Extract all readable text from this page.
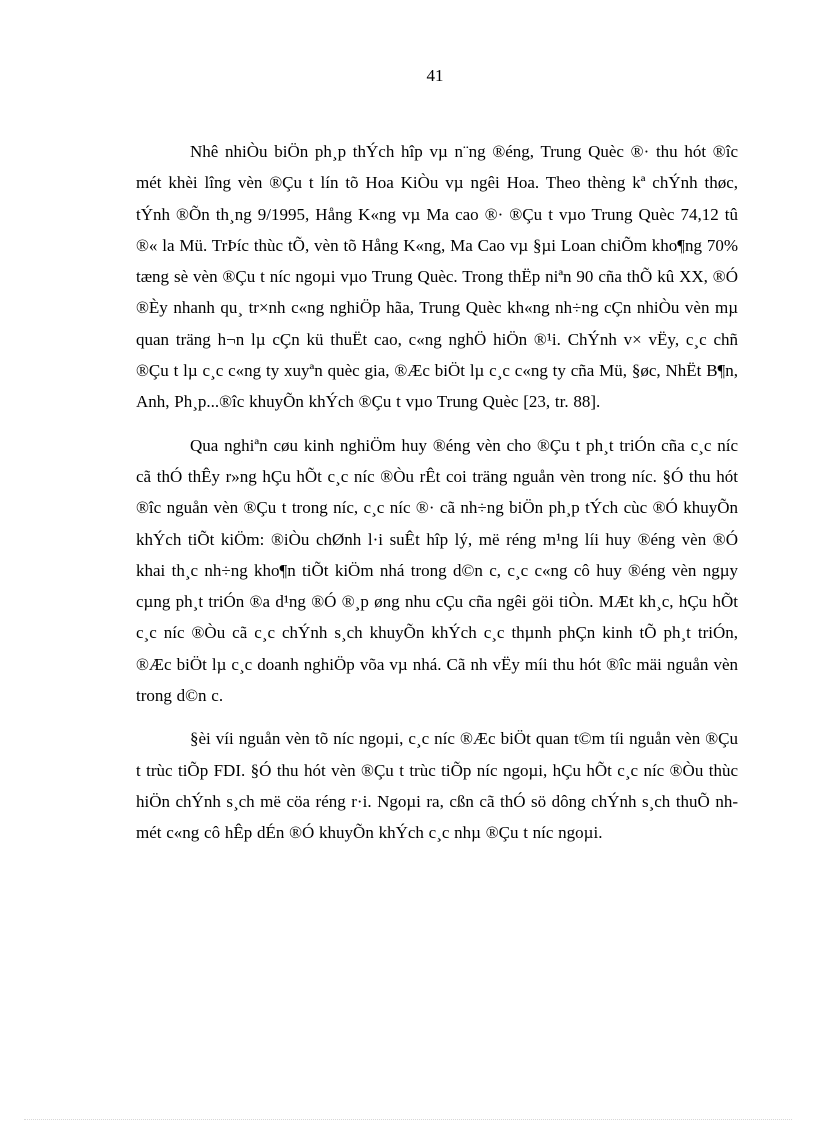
41

Nhê nhiÒu biÖn ph¸p thÝch hîp vµ n¨ng ®éng, Trung Quèc ®· thu hót ®îc mét khèi lîng vèn ®Çu t lín tõ Hoa KiÒu vµ ngêi Hoa. Theo thèng kª chÝnh thøc, tÝnh ®Õn th¸ng 9/1995, Hång K«ng vµ Ma cao ®· ®Çu t vµo Trung Quèc 74,12 tû ®« la Mü. TrÞíc thùc tÕ, vèn tõ Hång K«ng, Ma Cao vµ §µi Loan chiÕm kho¶ng 70% tæng sè vèn ®Çu t níc ngoµi vµo Trung Quèc. Trong thËp niªn 90 cña thÕ kû XX, ®Ó ®Èy nhanh qu¸ tr×nh c«ng nghiÖp hãa, Trung Quèc kh«ng nh÷ng cÇn nhiÒu vèn mµ quan träng h¬n lµ cÇn kü thuËt cao, c«ng nghÖ hiÖn ®¹i. ChÝnh v× vËy, c¸c chñ ®Çu t lµ c¸c c«ng ty xuyªn quèc gia, ®Æc biÖt lµ c¸c c«ng ty cña Mü, §øc, NhËt B¶n, Anh, Ph¸p...®îc khuyÕn khÝch ®Çu t vµo Trung Quèc [23, tr. 88].

Qua nghiªn cøu kinh nghiÖm huy ®éng vèn cho ®Çu t ph¸t triÓn cña c¸c níc cã thÓ thÊy r»ng hÇu hÕt c¸c níc ®Òu rÊt coi träng nguån vèn trong níc. §Ó thu hót ®îc nguån vèn ®Çu t trong níc, c¸c níc ®· cã nh÷ng biÖn ph¸p tÝch cùc ®Ó khuyÕn khÝch tiÕt kiÖm: ®iÒu chØnh l·i suÊt hîp lý, më réng m¹ng líi huy ®éng vèn ®Ó khai th¸c nh÷ng kho¶n tiÕt kiÖm nhá trong d©n c, c¸c c«ng cô huy ®éng vèn ngµy cµng ph¸t triÓn ®a d¹ng ®Ó ®¸p øng nhu cÇu cña ngêi göi tiÒn. MÆt kh¸c, hÇu hÕt c¸c níc ®Òu cã c¸c chÝnh s¸ch khuyÕn khÝch c¸c thµnh phÇn kinh tÕ ph¸t triÓn, ®Æc biÖt lµ c¸c doanh nghiÖp võa vµ nhá. Cã nh vËy míi thu hót ®îc mäi nguån vèn trong d©n c.

§èi víi nguån vèn tõ níc ngoµi, c¸c níc ®Æc biÖt quan t©m tíi nguån vèn ®Çu t trùc tiÕp FDI. §Ó thu hót vèn ®Çu t trùc tiÕp níc ngoµi, hÇu hÕt c¸c níc ®Òu thùc hiÖn chÝnh s¸ch më cöa réng r·i. Ngoµi ra, cßn cã thÓ sö dông chÝnh s¸ch thuÕ nh mét c«ng cô hÊp dÉn ®Ó khuyÕn khÝch c¸c nhµ ®Çu t níc ngoµi.
